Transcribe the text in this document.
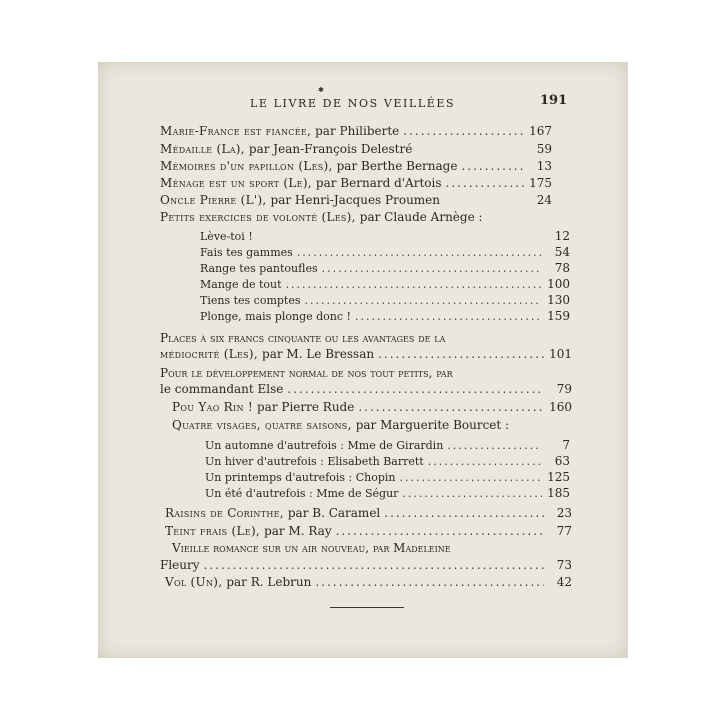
✱
LE LIVRE DE NOS VEILLÉES	191
Marie-France est fiancée, par Philiberte .....	167
Médaille (La), par Jean-François Delestré	59
Mémoires d'un papillon (Les), par Berthe Bernage .....	13
Ménage est un sport (Le), par Bernard d'Artois .....	175
Oncle Pierre (L'), par Henri-Jacques Proumen	24
Petits exercices de volonté (Les), par Claude Arnège :
Lève-toi !	12
Fais tes gammes .....	54
Range tes pantoufles .....	78
Mange de tout .....	100
Tiens tes comptes .....	130
Plonge, mais plonge donc ! .....	159
Places à six francs cinquante ou les avantages de la
médiocrité (Les), par M. Le Bressan .....	101
Pour le développement normal de nos tout petits, par
le commandant Else .....	79
Pou Yao Rin ! par Pierre Rude .....	160
Quatre visages, quatre saisons, par Marguerite Bourcet :
Un automne d'autrefois : Mme de Girardin .....	7
Un hiver d'autrefois : Elisabeth Barrett .....	63
Un printemps d'autrefois : Chopin .....	125
Un été d'autrefois : Mme de Ségur .....	185
Raisins de Corinthe, par B. Caramel .....	23
Teint frais (Le), par M. Ray .....	77
Vieille romance sur un air nouveau, par Madeleine
Fleury .....	73
Vol (Un), par R. Lebrun .....	42
